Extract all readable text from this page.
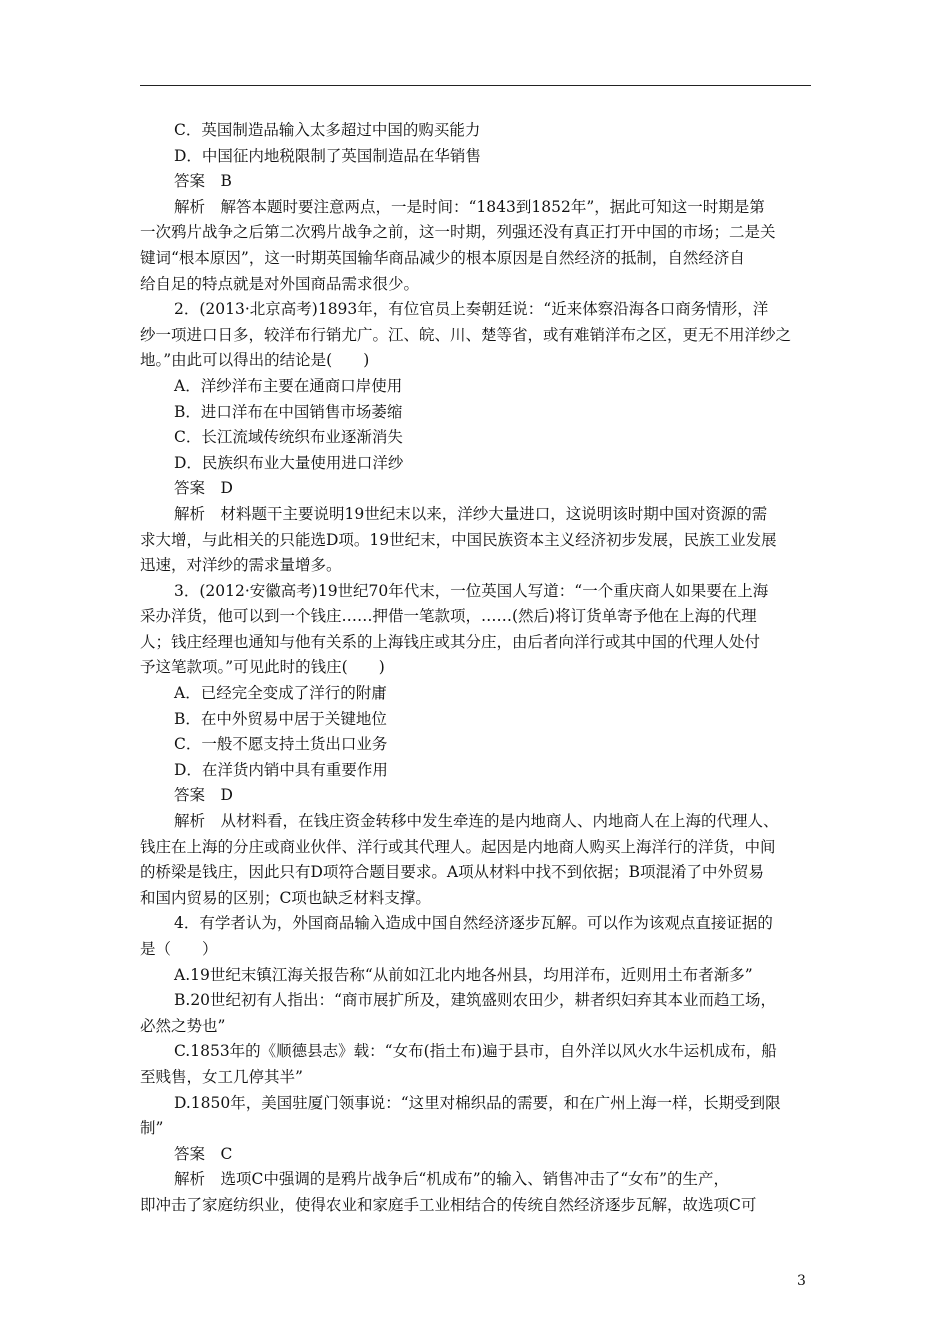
C．英国制造品输入太多超过中国的购买能力
D．中国征内地税限制了英国制造品在华销售
答案　B
解析　解答本题时要注意两点，一是时间：“1843到1852年”，据此可知这一时期是第
一次鸦片战争之后第二次鸦片战争之前，这一时期，列强还没有真正打开中国的市场；二是关
键词“根本原因”，这一时期英国输华商品减少的根本原因是自然经济的抵制，自然经济自
给自足的特点就是对外国商品需求很少。
2．(2013·北京高考)1893年，有位官员上奏朝廷说：“近来体察沿海各口商务情形，洋
纱一项进口日多，较洋布行销尤广。江、皖、川、楚等省，或有难销洋布之区，更无不用洋纱之
地。”由此可以得出的结论是(　　)
A．洋纱洋布主要在通商口岸使用
B．进口洋布在中国销售市场萎缩
C．长江流域传统织布业逐渐消失
D．民族织布业大量使用进口洋纱
答案　D
解析　材料题干主要说明19世纪末以来，洋纱大量进口，这说明该时期中国对资源的需
求大增，与此相关的只能选D项。19世纪末，中国民族资本主义经济初步发展，民族工业发展
迅速，对洋纱的需求量增多。
3．(2012·安徽高考)19世纪70年代末，一位英国人写道：“一个重庆商人如果要在上海
采办洋货，他可以到一个钱庄……押借一笔款项，……(然后)将订货单寄予他在上海的代理
人；钱庄经理也通知与他有关系的上海钱庄或其分庄，由后者向洋行或其中国的代理人处付
予这笔款项。”可见此时的钱庄(　　)
A．已经完全变成了洋行的附庸
B．在中外贸易中居于关键地位
C．一般不愿支持土货出口业务
D．在洋货内销中具有重要作用
答案　D
解析　从材料看，在钱庄资金转移中发生牵连的是内地商人、内地商人在上海的代理人、
钱庄在上海的分庄或商业伙伴、洋行或其代理人。起因是内地商人购买上海洋行的洋货，中间
的桥梁是钱庄，因此只有D项符合题目要求。A项从材料中找不到依据；B项混淆了中外贸易
和国内贸易的区别；C项也缺乏材料支撑。
4．有学者认为，外国商品输入造成中国自然经济逐步瓦解。可以作为该观点直接证据的
是（　　）
A.19世纪末镇江海关报告称“从前如江北内地各州县，均用洋布，近则用土布者渐多”
B.20世纪初有人指出：“商市展扩所及，建筑盛则农田少，耕者织妇弃其本业而趋工场，
必然之势也”
C.1853年的《顺德县志》载：“女布(指土布)遍于县市，自外洋以风火水牛运机成布，船
至贱售，女工几停其半”
D.1850年，美国驻厦门领事说：“这里对棉织品的需要，和在广州上海一样，长期受到限
制”
答案　C
解析　选项C中强调的是鸦片战争后“机成布”的输入、销售冲击了“女布”的生产，
即冲击了家庭纺织业，使得农业和家庭手工业相结合的传统自然经济逐步瓦解，故选项C可
3
